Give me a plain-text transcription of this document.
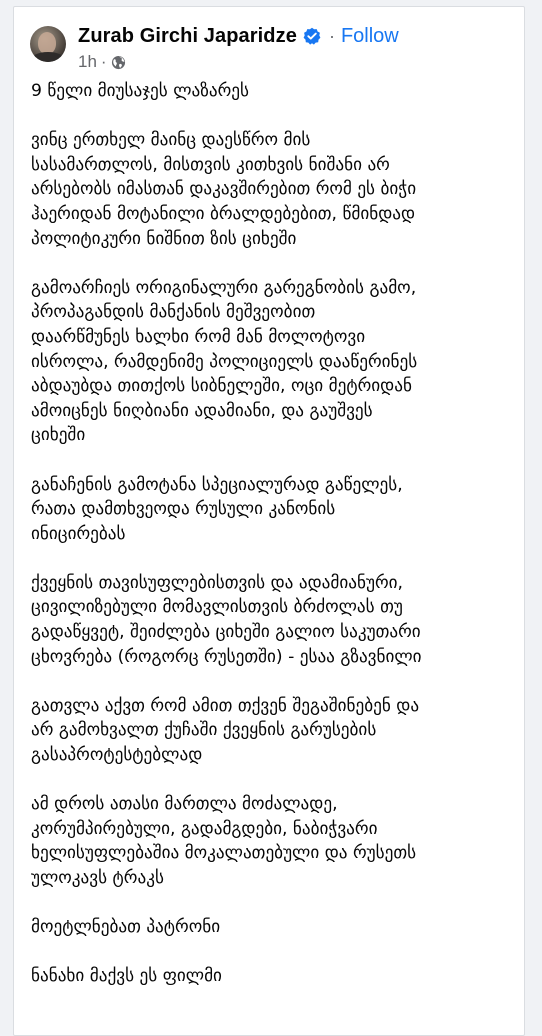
Zurab Girchi Japaridze · Follow
1h ·
9 წელი მიუსაჯეს ლაზარეს
ვინც ერთხელ მაინც დაესწრო მის
სასამართლოს, მისთვის კითხვის ნიშანი არ
არსებობს იმასთან დაკავშირებით რომ ეს ბიჭი
ჰაერიდან მოტანილი ბრალდებებით, წმინდად
პოლიტიკური ნიშნით ზის ციხეში
გამოარჩიეს ორიგინალური გარეგნობის გამო,
პროპაგანდის მანქანის მეშვეობით
დაარწმუნეს ხალხი რომ მან მოლოტოვი
ისროლა, რამდენიმე პოლიციელს დააწერინეს
აბდაუბდა თითქოს სიბნელეში, ოცი მეტრიდან
ამოიცნეს ნიღბიანი ადამიანი, და გაუშვეს
ციხეში
განაჩენის გამოტანა სპეციალურად გაწელეს,
რათა დამთხვეოდა რუსული კანონის
ინიცირებას
ქვეყნის თავისუფლებისთვის და ადამიანური,
ცივილიზებული მომავლისთვის ბრძოლას თუ
გადაწყვეტ, შეიძლება ციხეში გალიო საკუთარი
ცხოვრება (როგორც რუსეთში) - ესაა გზავნილი
გათვლა აქვთ რომ ამით თქვენ შეგაშინებენ და
არ გამოხვალთ ქუჩაში ქვეყნის გარუსების
გასაპროტესტებლად
ამ დროს ათასი მართლა მოძალადე,
კორუმპირებული, გადამგდები, ნაბიჭვარი
ხელისუფლებაშია მოკალათებული და რუსეთს
ულოკავს ტრაკს
მოეტლნებათ პატრონი
ნანახი მაქვს ეს ფილმი
